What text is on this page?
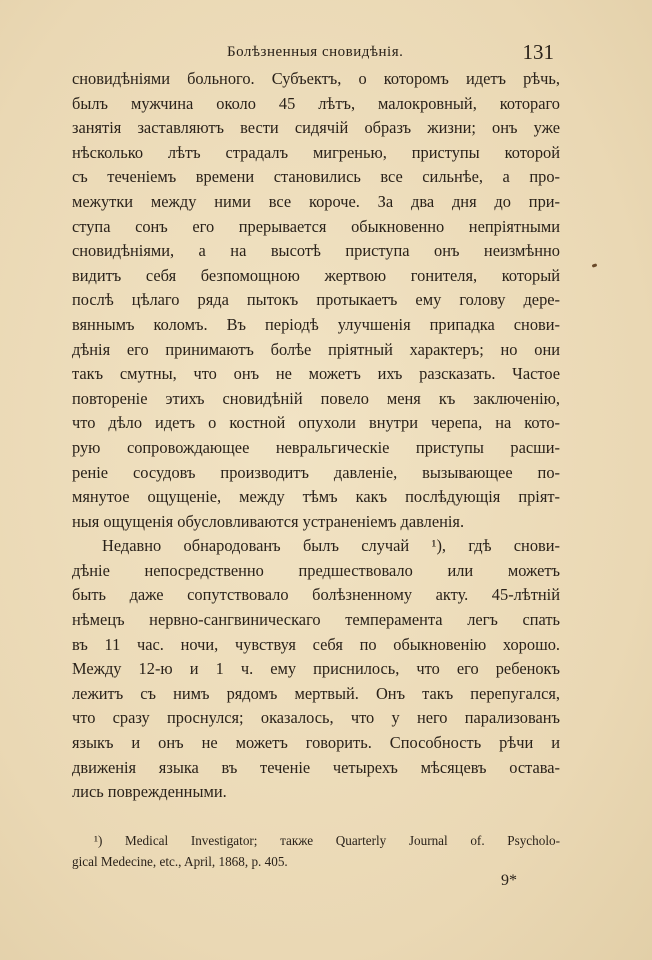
Болѣзненныя сновидѣнія.	131
сновидѣніями больного. Субъектъ, о которомъ идетъ рѣчь,
былъ мужчина около 45 лѣтъ, малокровный, котораго
занятія заставляютъ вести сидячій образъ жизни; онъ уже
нѣсколько лѣтъ страдалъ мигренью, приступы которой
съ теченіемъ времени становились все сильнѣе, а про-
межутки между ними все короче. За два дня до при-
ступа сонъ его прерывается обыкновенно непріятными
сновидѣніями, а на высотѣ приступа онъ неизмѣнно
видитъ себя безпомощною жертвою гонителя, который
послѣ цѣлаго ряда пытокъ протыкаетъ ему голову дере-
вяннымъ коломъ. Въ періодѣ улучшенія припадка снови-
дѣнія его принимаютъ болѣе пріятный характеръ; но они
такъ смутны, что онъ не можетъ ихъ разсказать. Частое
повтореніе этихъ сновидѣній повело меня къ заключенію,
что дѣло идетъ о костной опухоли внутри черепа, на кото-
рую сопровождающее невральгическіе приступы расши-
реніе сосудовъ производитъ давленіе, вызывающее по-
мянутое ощущеніе, между тѣмъ какъ послѣдующія пріят-
ныя ощущенія обусловливаются устраненіемъ давленія.
Недавно обнародованъ былъ случай ¹), гдѣ снови-
дѣніе непосредственно предшествовало или можетъ
быть даже сопутствовало болѣзненному акту. 45-лѣтній
нѣмецъ нервно-сангвиническаго темперамента легъ спать
въ 11 час. ночи, чувствуя себя по обыкновенію хорошо.
Между 12-ю и 1 ч. ему приснилось, что его ребенокъ
лежитъ съ нимъ рядомъ мертвый. Онъ такъ перепугался,
что сразу проснулся; оказалось, что у него парализованъ
языкъ и онъ не можетъ говорить. Способность рѣчи и
движенія языка въ теченіе четырехъ мѣсяцевъ остава-
лись поврежденными.
¹) Medical Investigator; также Quarterly Journal of. Psycholo-
gical Medecine, etc., April, 1868, p. 405.
9*
